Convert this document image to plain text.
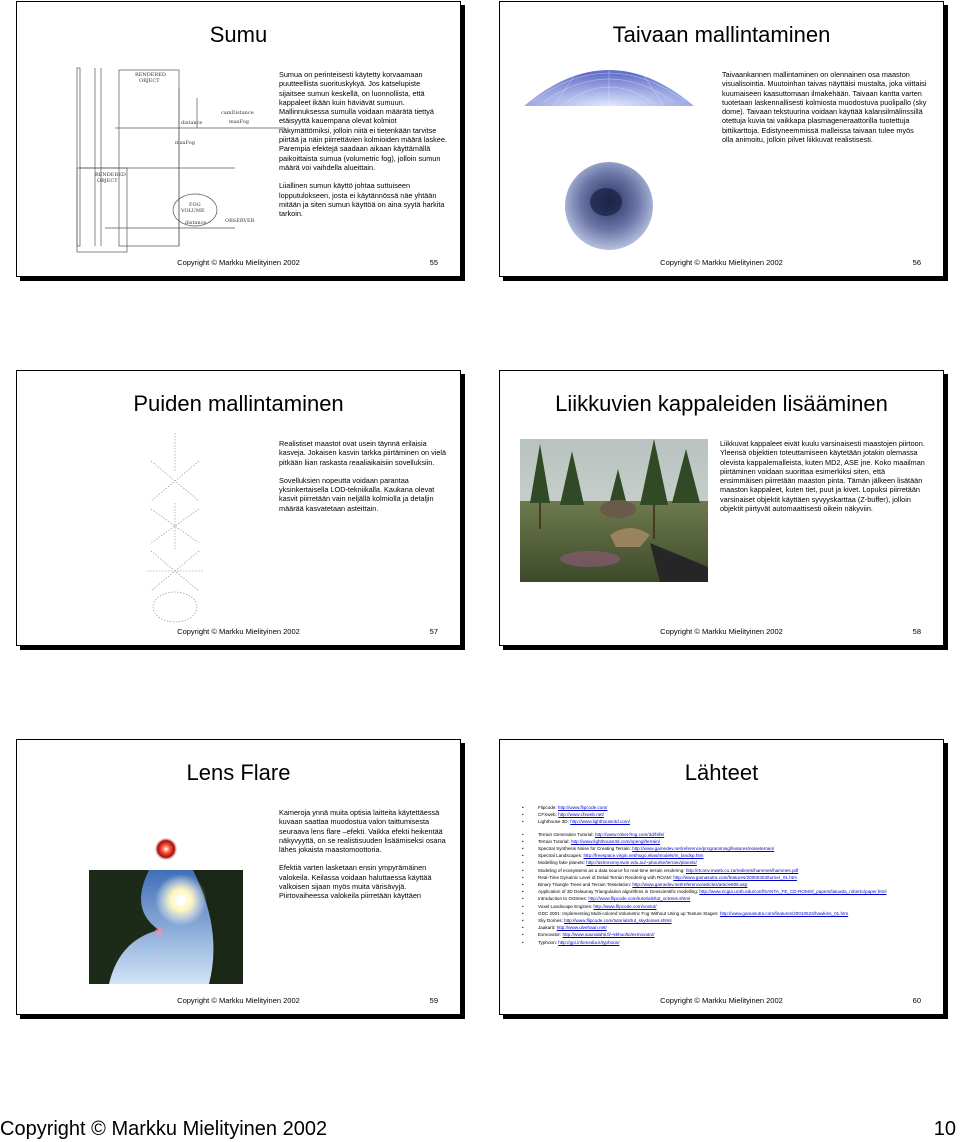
Sumu
RENDERED
OBJECT
camDistance
distance	maxFog
maxFog
RENDERED
OBJECT
FOG
VOLUME
distance	OBSERVER

Sumua on perinteisesti käytetty korvaamaan puutteellista suorituskykyä. Jos katselupiste sijaitsee sumun keskellä, on luonnollista, että kappaleet ikään kuin häviävät sumuun. Mallinnuksessa sumulla voidaan määrätä tiettyä etäisyyttä kauempana olevat kolmiot näkymättömiksi, jolloin niitä ei tietenkään tarvitse piirtää ja näin piirrettävien kolmioiden määrä laskee. Parempia efektejä saadaan aikaan käyttämällä paikoittaista sumua (volumetric fog), jolloin sumun määrä voi vaihdella alueittain.

Liiallinen sumun käyttö johtaa suttuiseen lopputulokseen, josta ei käytännössä näe yhtään mitään ja siten sumun käyttöä on aina syytä harkita tarkoin.

Copyright © Markku Mielityinen 2002	55
Taivaan mallintaminen

Taivaankannen mallintaminen on olennainen osa maaston visualisointia. Muutoinhan taivas näyttäisi mustalta, joka viittaisi kuumaiseen kaasuttomaan ilmakehään. Taivaan kantta varten tuotetaan laskennallisesti kolmiosta muodostuva puolipallo (sky dome). Taivaan tekstuurina voidaan käyttää kalansilmälinssillä otettuja kuvia tai vaikkapa plasmageneraattorilla tuotettuja bittikarttoja. Edistyneemmissä malleissa taivaan tulee myös olla animoitu, jolloin pilvet liikkuvat realistisesti.

Copyright © Markku Mielityinen 2002	56
Puiden mallintaminen

Realistiset maastot ovat usein täynnä erilaisia kasveja. Jokaisen kasvin tarkka piirtäminen on vielä pitkään liian raskasta reaaliaikaisiin sovelluksiin.

Sovelluksien nopeutta voidaan parantaa yksinkertaisella LOD-tekniikalla. Kaukana olevat kasvit piirretään vain neljällä kolmiolla ja detaljin määrää kasvatetaan asteittain.

Copyright © Markku Mielityinen 2002	57
Liikkuvien kappaleiden lisääminen

Liikkuvat kappaleet eivät kuulu varsinaisesti maastojen piirtoon. Yleensä objektien toteuttamiseen käytetään jotakin olemassa olevista kappalemalleista, kuten MD2, ASE jne. Koko maailman piirtäminen voidaan suorittaa esimerkiksi siten, että ensimmäisen piirretään maaston pinta. Tämän jälkeen lisätään maaston kappaleet, kuten tiet, puut ja kivet. Lopuksi piirretään varsinaiset objektit käyttäen syvyyskarttaa (Z-buffer), jolloin objektit piirtyvät automaattisesti oikein näkyviin.

Copyright © Markku Mielityinen 2002	58
Lens Flare

Kameroja ynnä muita optisia laitteita käytettäessä kuvaan saattaa muodostua valon taittumisesta seuraava lens flare –efekti. Vaikka efekti heikentää näkyvyyttä, on se realistisuuden lisäämiseksi osana lähes jokaista maastomoottoria.

Efektiä varten lasketaan ensin ympyrämäinen valokeila. Keilassa voidaan haluttaessa käyttää valkoisen sijaan myös muita värisävyjä. Piirtovaiheessa valokeila piirretään käyttäen

Copyright © Markku Mielityinen 2002	59
Lähteet
• Flipcode: http://www.flipcode.com/
• CFXweb: http://www.cfxweb.net/
• Lighthouse 3D: http://www.lighthouse3d.com/
• Terrain Generation Tutorial: http://www.robot-frog.com/3d/hills/
• Terrain Tutorial: http://www.lighthouse3d.com/opengl/terrain/
• Spectral Synthesis Noise for Creating Terrain: http://www.gamedev.net/reference/programming/features/noiseterrain/
• Spectral Landscapes: http://freespace.virgin.net/hugo.elias/models/m_landsp.htm
• Modelling fake planets: http://astronomy.swin.edu.au/~pbourke/terrain/planets/
• Modeling of ecosystems as a data source for real-time terrain rendering: http://rtconv.mweb.co.za/redients/hammes/hammes.pdf
• Real-Time Dynamic Level of Detail Terrain Rendering with ROAM: http://www.gamasutra.com/features/20000403/turner_01.htm
• Binary Triangle Trees and Terrain Tesselation: http://www.gamedev.net/reference/articles/article806.asp
• Application of 3D Delaunay Triangulation algorithms in Geoscientific modelling: http://www.ncgia.ucsb.edu/conf/SANTA_FE_CD-ROM/sf_papers/latuada_roberto/paper.html
• Introduction to Octtrees: http://www.flipcode.com/tutorials/tut_octrees.shtml
• Voxel Landscape Engines: http://www.flipcode.com/voxtut/
• GDC 2001: Implementing Multi-colored Volumetric Fog Without Using up Texture Stages: http://www.gamasutra.com/features/20010523/hawkins_01.htm
• Sky Domes: http://www.flipcode.com/tutorials/tut_skydomes.shtml
• Jaakarit: http://www.ulvehaan.net/
• Exmovator: http://www.saunalahti.fi/~kkhuolto/exmovator/
• Typhoon: http://gpi.infomedia.it/typhoon/
Copyright © Markku Mielityinen 2002	60
Copyright © Markku Mielityinen 2002	10
